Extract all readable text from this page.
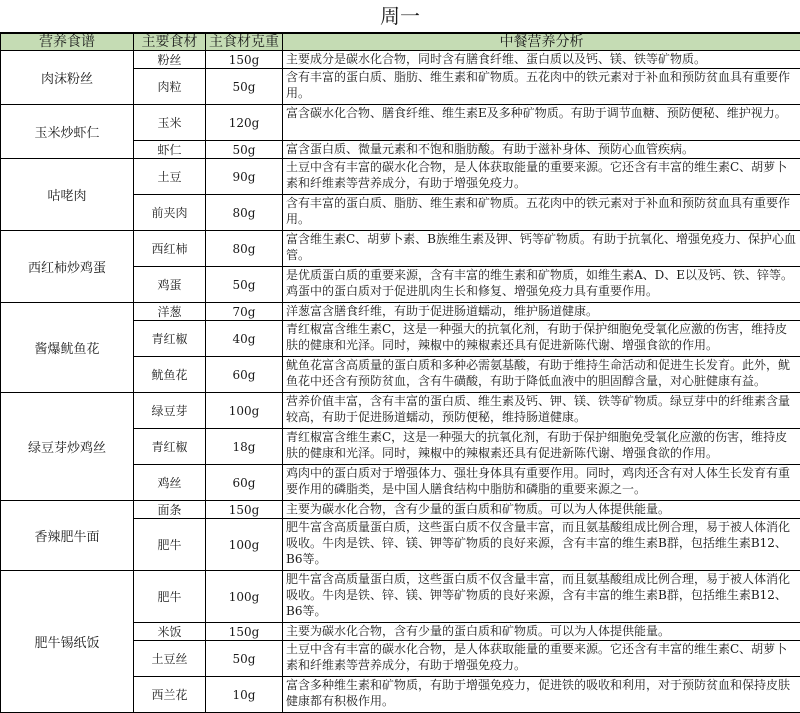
周一
营养食谱	主要食材	主食材克重	中餐营养分析
肉沫粉丝	粉丝	150g	主要成分是碳水化合物，同时含有膳食纤维、蛋白质以及钙、镁、铁等矿物质。
	肉粒	50g	含有丰富的蛋白质、脂肪、维生素和矿物质。五花肉中的铁元素对于补血和预防贫血具有重要作用。
玉米炒虾仁	玉米	120g	富含碳水化合物、膳食纤维、维生素E及多种矿物质。有助于调节血糖、预防便秘、维护视力。
	虾仁	50g	富含蛋白质、微量元素和不饱和脂肪酸。有助于滋补身体、预防心血管疾病。
咕咾肉	土豆	90g	土豆中含有丰富的碳水化合物，是人体获取能量的重要来源。它还含有丰富的维生素C、胡萝卜素和纤维素等营养成分，有助于增强免疫力。
	前夹肉	80g	含有丰富的蛋白质、脂肪、维生素和矿物质。五花肉中的铁元素对于补血和预防贫血具有重要作用。
西红柿炒鸡蛋	西红柿	80g	富含维生素C、胡萝卜素、B族维生素及钾、钙等矿物质。有助于抗氧化、增强免疫力、保护心血管。
	鸡蛋	50g	是优质蛋白质的重要来源，含有丰富的维生素和矿物质，如维生素A、D、E以及钙、铁、锌等。鸡蛋中的蛋白质对于促进肌肉生长和修复、增强免疫力具有重要作用。
酱爆鱿鱼花	洋葱	70g	洋葱富含膳食纤维，有助于促进肠道蠕动，维护肠道健康。
	青红椒	40g	青红椒富含维生素C，这是一种强大的抗氧化剂，有助于保护细胞免受氧化应激的伤害，维持皮肤的健康和光泽。同时，辣椒中的辣椒素还具有促进新陈代谢、增强食欲的作用。
	鱿鱼花	60g	鱿鱼花富含高质量的蛋白质和多种必需氨基酸，有助于维持生命活动和促进生长发育。此外，鱿鱼花中还含有预防贫血，含有牛磺酸，有助于降低血液中的胆固醇含量，对心脏健康有益。
绿豆芽炒鸡丝	绿豆芽	100g	营养价值丰富，含有丰富的蛋白质、维生素及钙、钾、镁、铁等矿物质。绿豆芽中的纤维素含量较高，有助于促进肠道蠕动，预防便秘，维持肠道健康。
	青红椒	18g	青红椒富含维生素C，这是一种强大的抗氧化剂，有助于保护细胞免受氧化应激的伤害，维持皮肤的健康和光泽。同时，辣椒中的辣椒素还具有促进新陈代谢、增强食欲的作用。
	鸡丝	60g	鸡肉中的蛋白质对于增强体力、强壮身体具有重要作用。同时，鸡肉还含有对人体生长发育有重要作用的磷脂类，是中国人膳食结构中脂肪和磷脂的重要来源之一。
香辣肥牛面	面条	150g	主要为碳水化合物，含有少量的蛋白质和矿物质。可以为人体提供能量。
	肥牛	100g	肥牛富含高质量蛋白质，这些蛋白质不仅含量丰富，而且氨基酸组成比例合理，易于被人体消化吸收。牛肉是铁、锌、镁、钾等矿物质的良好来源，含有丰富的维生素B群，包括维生素B12、B6等。
肥牛锡纸饭	肥牛	100g	肥牛富含高质量蛋白质，这些蛋白质不仅含量丰富，而且氨基酸组成比例合理，易于被人体消化吸收。牛肉是铁、锌、镁、钾等矿物质的良好来源，含有丰富的维生素B群，包括维生素B12、B6等。
	米饭	150g	主要为碳水化合物，含有少量的蛋白质和矿物质。可以为人体提供能量。
	土豆丝	50g	土豆中含有丰富的碳水化合物，是人体获取能量的重要来源。它还含有丰富的维生素C、胡萝卜素和纤维素等营养成分，有助于增强免疫力。
	西兰花	10g	富含多种维生素和矿物质，有助于增强免疫力，促进铁的吸收和利用，对于预防贫血和保持皮肤健康都有积极作用。
